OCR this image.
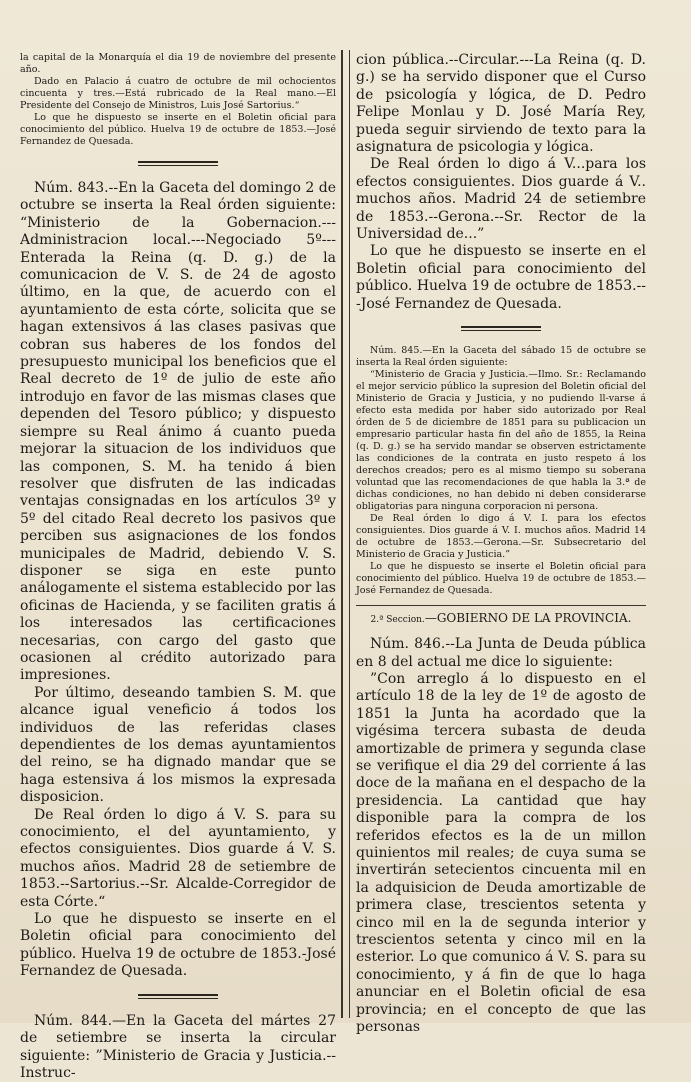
la capital de la Monarquía el dia 19 de noviembre del presente año.

Dado en Palacio á cuatro de octubre de mil ochocientos cincuenta y tres.—Está rubricado de la Real mano.—El Presidente del Consejo de Ministros, Luis José Sartorius.“

Lo que he dispuesto se inserte en el Boletin oficial para conocimiento del público. Huelva 19 de octubre de 1853.—José Fernandez de Quesada.

Núm. 843.--En la Gaceta del domingo 2 de octubre se inserta la Real órden siguiente: “Ministerio de la Gobernacion.---Administracion local.---Negociado 5º---Enterada la Reina (q. D. g.) de la comunicacion de V. S. de 24 de agosto último, en la que, de acuerdo con el ayuntamiento de esta córte, solicita que se hagan extensivos á las clases pasivas que cobran sus haberes de los fondos del presupuesto municipal los beneficios que el Real decreto de 1º de julio de este año introdujo en favor de las mismas clases que dependen del Tesoro público; y dispuesto siempre su Real ánimo á cuanto pueda mejorar la situacion de los individuos que las componen, S. M. ha tenido á bien resolver que disfruten de las indicadas ventajas consignadas en los artículos 3º y 5º del citado Real decreto los pasivos que perciben sus asignaciones de los fondos municipales de Madrid, debiendo V. S. disponer se siga en este punto análogamente el sistema establecido por las oficinas de Hacienda, y se faciliten gratis á los interesados las certificaciones necesarias, con cargo del gasto que ocasionen al crédito autorizado para impresiones.

Por último, deseando tambien S. M. que alcance igual veneficio á todos los individuos de las referidas clases dependientes de los demas ayuntamientos del reino, se ha dignado mandar que se haga estensiva á los mismos la expresada disposicion.

De Real órden lo digo á V. S. para su conocimiento, el del ayuntamiento, y efectos consiguientes. Dios guarde á V. S. muchos años. Madrid 28 de setiembre de 1853.--Sartorius.--Sr. Alcalde-Corregidor de esta Córte.“

Lo que he dispuesto se inserte en el Boletin oficial para conocimiento del público. Huelva 19 de octubre de 1853.-José Fernandez de Quesada.

Núm. 844.—En la Gaceta del mártes 27 de setiembre se inserta la circular siguiente: ”Ministerio de Gracia y Justicia.--Instruc-

cion pública.--Circular.---La Reina (q. D. g.) se ha servido disponer que el Curso de psicología y lógica, de D. Pedro Felipe Monlau y D. José María Rey, pueda seguir sirviendo de texto para la asignatura de psicologia y lógica.

De Real órden lo digo á V...para los efectos consiguientes. Dios guarde á V.. muchos años. Madrid 24 de setiembre de 1853.--Gerona.--Sr. Rector de la Universidad de...”

Lo que he dispuesto se inserte en el Boletin oficial para conocimiento del público. Huelva 19 de octubre de 1853.---José Fernandez de Quesada.

Núm. 845.—En la Gaceta del sábado 15 de octubre se inserta la Real órden siguiente:

“Ministerio de Gracia y Justicia.—Ilmo. Sr.: Reclamando el mejor servicio público la supresion del Boletin oficial del Ministerio de Gracia y Justicia, y no pudiendo ll-varse á efecto esta medida por haber sido autorizado por Real órden de 5 de diciembre de 1851 para su publicacion un empresario particular hasta fin del año de 1855, la Reina (q. D. g.) se ha servido mandar se observen estrictamente las condiciones de la contrata en justo respeto á los derechos creados; pero es al mismo tiempo su soberana voluntad que las recomendaciones de que habla la 3.ª de dichas condiciones, no han debido ni deben considerarse obligatorias para ninguna corporacion ni persona.

De Real órden lo digo á V. I. para los efectos consiguientes. Dios guarde á V. I. muchos años. Madrid 14 de octubre de 1853.—Gerona.—Sr. Subsecretario del Ministerio de Gracia y Justicia.”

Lo que he dispuesto se inserte el Boletin oficial para conocimiento del público. Huelva 19 de octubre de 1853.—José Fernandez de Quesada.

2.ª Seccion.—GOBIERNO DE LA PROVINCIA.

Núm. 846.--La Junta de Deuda pública en 8 del actual me dice lo siguiente:

”Con arreglo á lo dispuesto en el artículo 18 de la ley de 1º de agosto de 1851 la Junta ha acordado que la vigésima tercera subasta de deuda amortizable de primera y segunda clase se verifique el dia 29 del corriente á las doce de la mañana en el despacho de la presidencia. La cantidad que hay disponible para la compra de los referidos efectos es la de un millon quinientos mil reales; de cuya suma se invertirán setecientos cincuenta mil en la adquisicion de Deuda amortizable de primera clase, trescientos setenta y cinco mil en la de segunda interior y trescientos setenta y cinco mil en la esterior. Lo que comunico á V. S. para su conocimiento, y á fin de que lo haga anunciar en el Boletin oficial de esa provincia; en el concepto de que las personas
